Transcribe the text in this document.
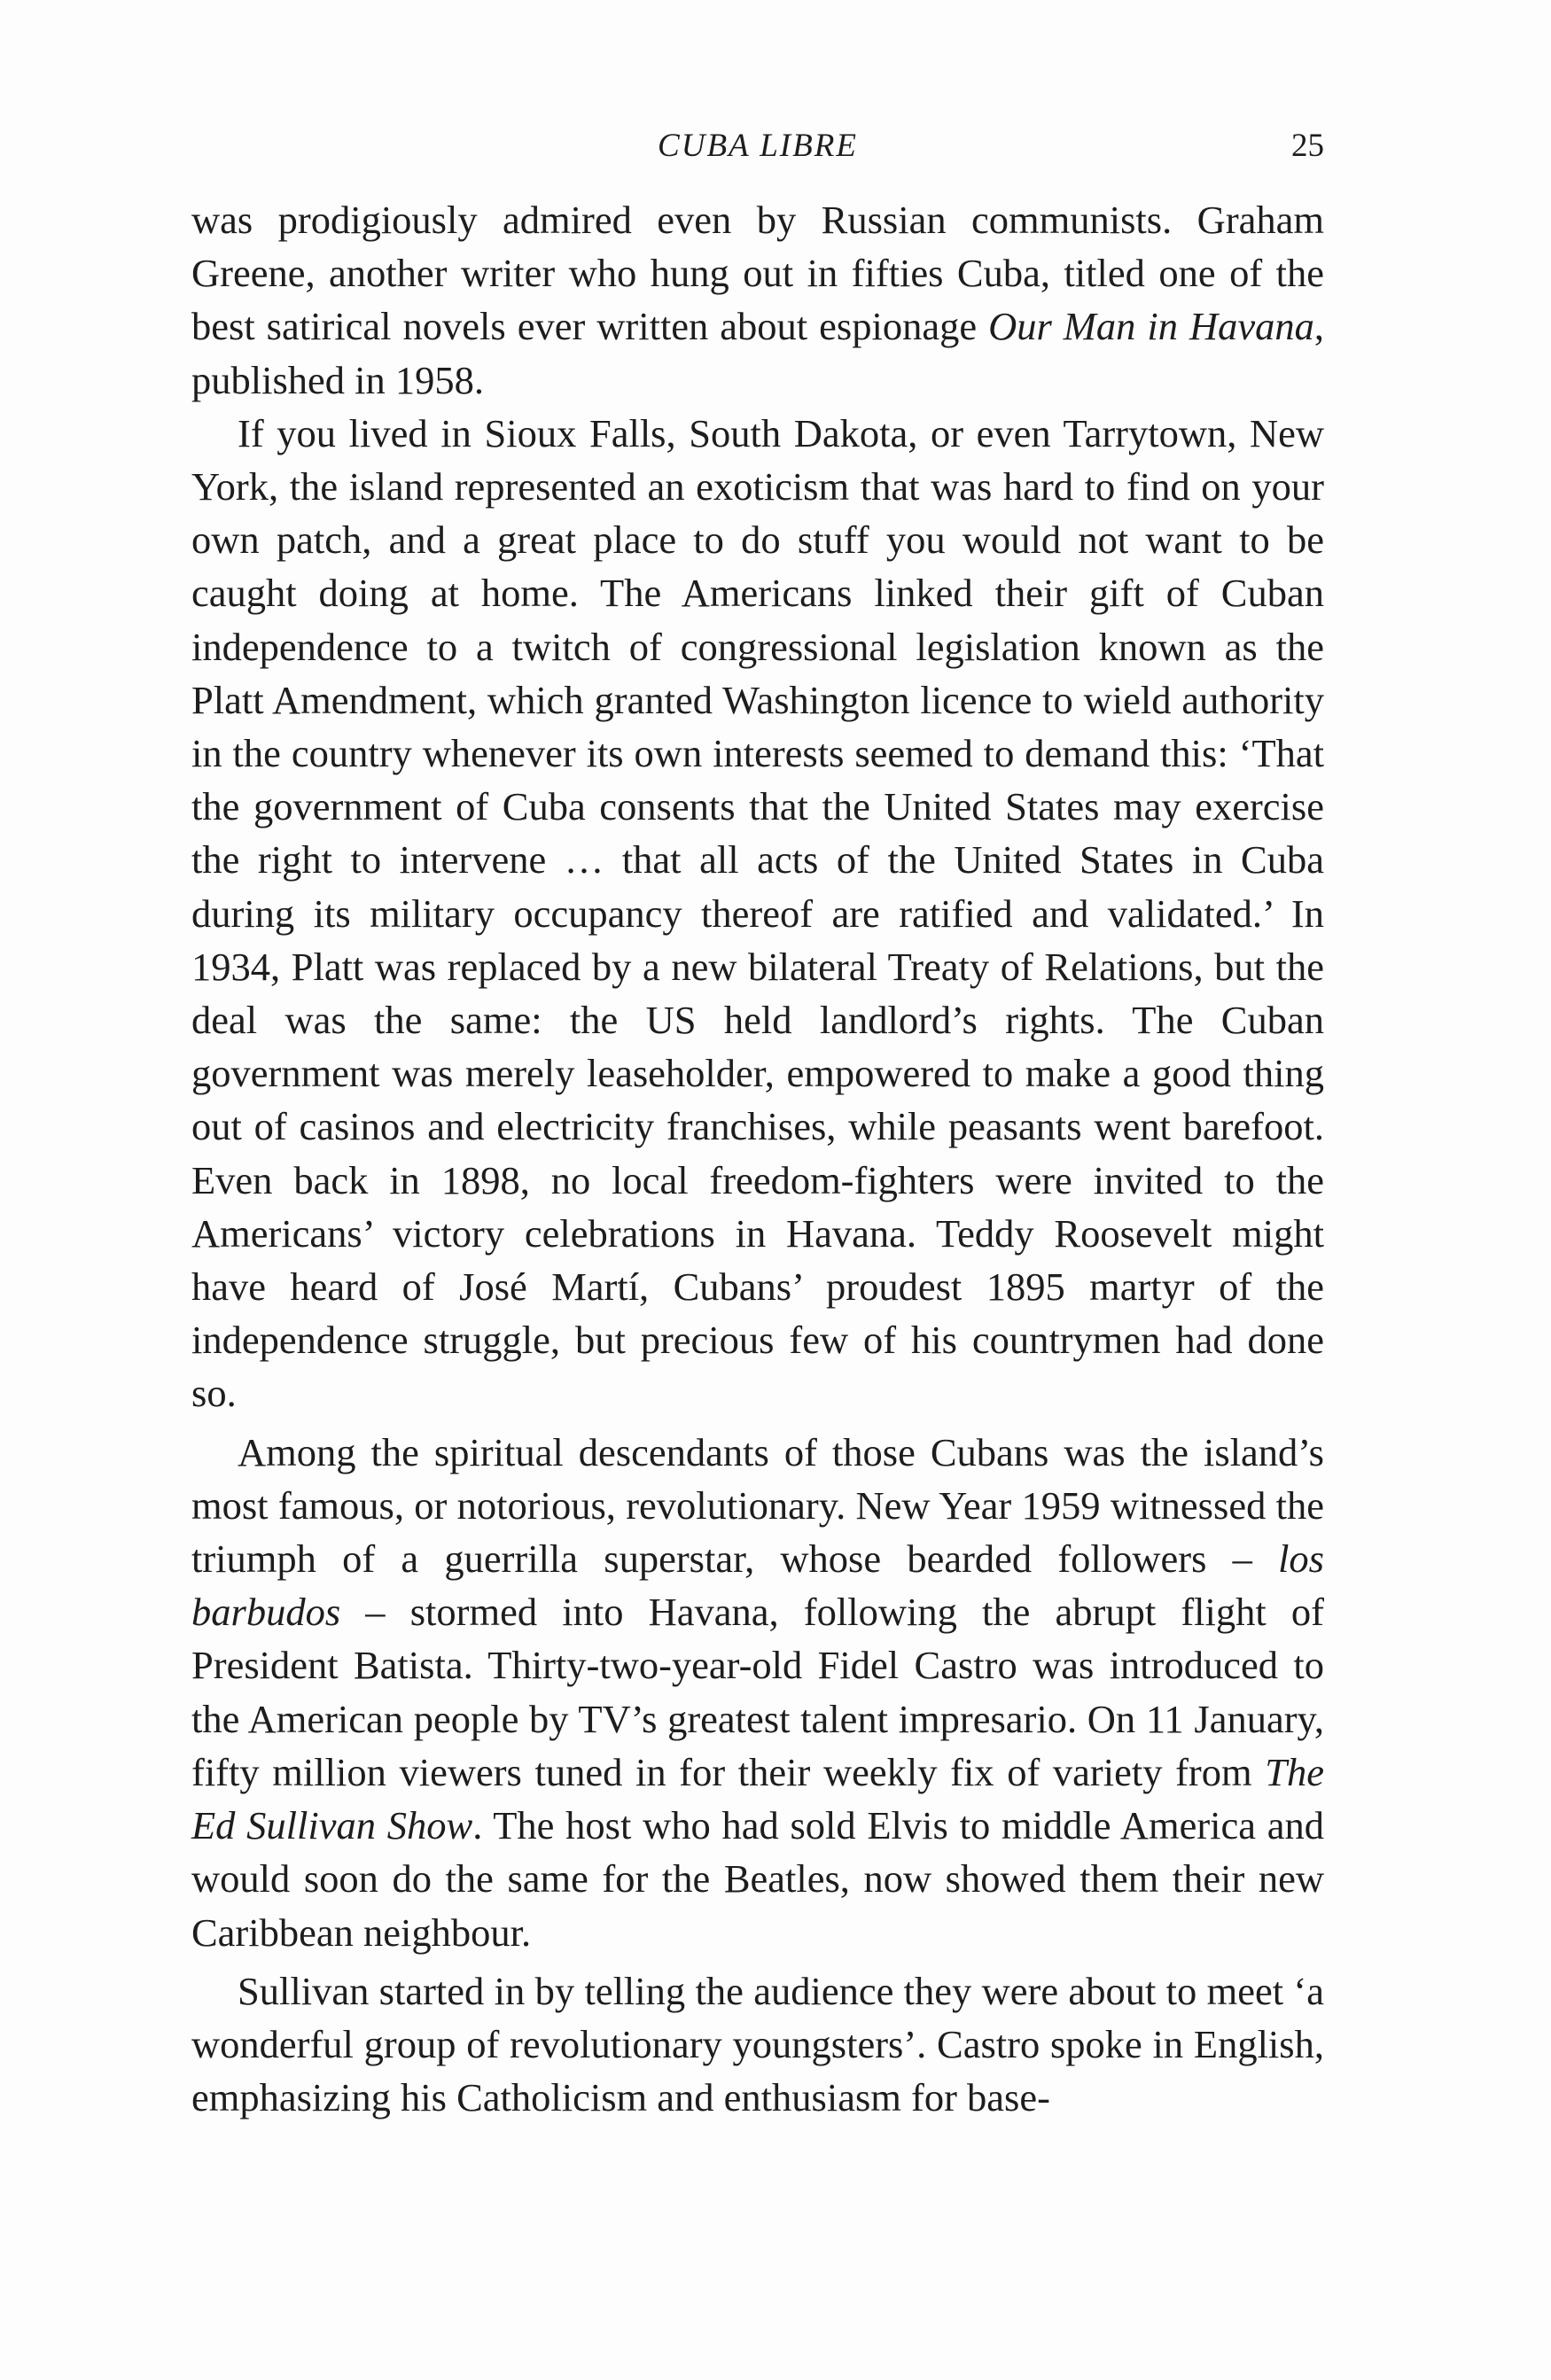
CUBA LIBRE	25

was prodigiously admired even by Russian communists. Graham Greene, another writer who hung out in fifties Cuba, titled one of the best satirical novels ever written about espionage Our Man in Havana, published in 1958.

If you lived in Sioux Falls, South Dakota, or even Tarrytown, New York, the island represented an exoticism that was hard to find on your own patch, and a great place to do stuff you would not want to be caught doing at home. The Americans linked their gift of Cuban independence to a twitch of congressional legislation known as the Platt Amendment, which granted Washington licence to wield authority in the country whenever its own interests seemed to demand this: ‘That the government of Cuba consents that the United States may exercise the right to intervene … that all acts of the United States in Cuba during its military occupancy thereof are ratified and validated.’ In 1934, Platt was replaced by a new bilateral Treaty of Relations, but the deal was the same: the US held landlord’s rights. The Cuban government was merely leaseholder, empowered to make a good thing out of casinos and electricity franchises, while peasants went barefoot. Even back in 1898, no local freedom-fighters were invited to the Americans’ victory celebrations in Havana. Teddy Roosevelt might have heard of José Martí, Cubans’ proudest 1895 martyr of the independence struggle, but precious few of his countrymen had done so.

Among the spiritual descendants of those Cubans was the island’s most famous, or notorious, revolutionary. New Year 1959 witnessed the triumph of a guerrilla superstar, whose bearded followers – los barbudos – stormed into Havana, following the abrupt flight of President Batista. Thirty-two-year-old Fidel Castro was introduced to the American people by TV’s greatest talent impresario. On 11 January, fifty million viewers tuned in for their weekly fix of variety from The Ed Sullivan Show. The host who had sold Elvis to middle America and would soon do the same for the Beatles, now showed them their new Caribbean neighbour.

Sullivan started in by telling the audience they were about to meet ‘a wonderful group of revolutionary youngsters’. Castro spoke in English, emphasizing his Catholicism and enthusiasm for base-
